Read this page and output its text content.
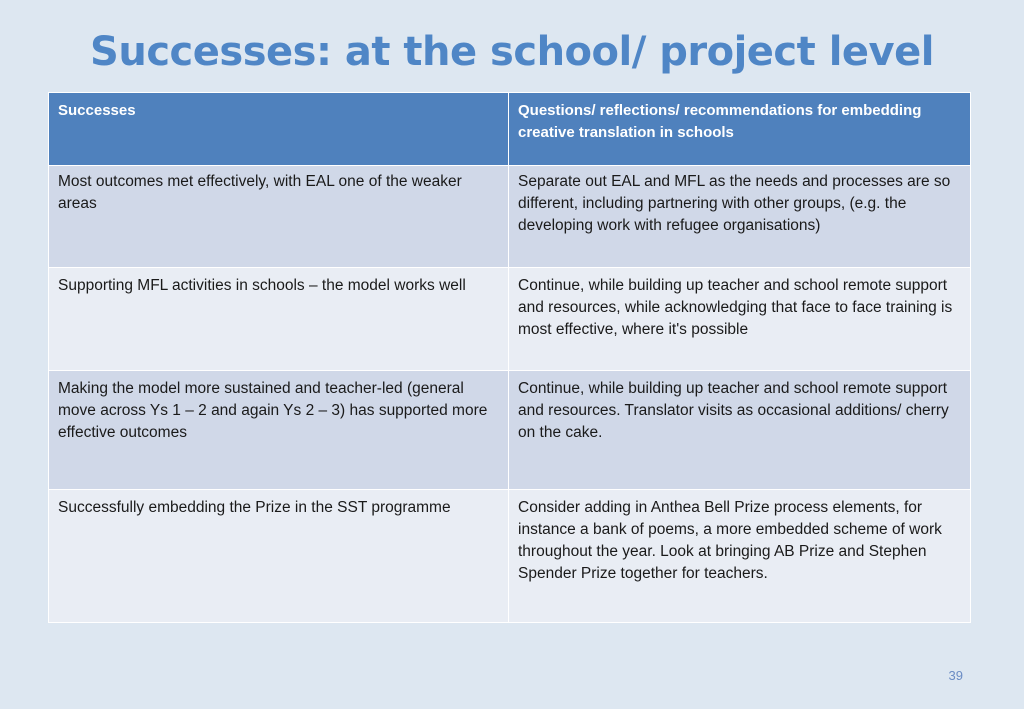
Successes: at the school/ project level
Successes	Questions/ reflections/ recommendations for embedding creative translation in schools
Most outcomes met effectively, with EAL one of the weaker areas	Separate out EAL and MFL as the needs and processes are so different, including partnering with other groups, (e.g. the developing work with refugee organisations)
Supporting MFL activities in schools – the model works well	Continue, while building up teacher and school remote support and resources, while acknowledging that face to face training is most effective, where it's possible
Making the model more sustained and teacher-led (general move across Ys 1 – 2 and again Ys 2 – 3) has supported more effective outcomes	Continue, while building up teacher and school remote support and resources. Translator visits as occasional additions/ cherry on the cake.
Successfully embedding the Prize in the SST programme	Consider adding in Anthea Bell Prize process elements, for instance a bank of poems, a more embedded scheme of work throughout the year. Look at bringing AB Prize and Stephen Spender Prize together for teachers.
39
